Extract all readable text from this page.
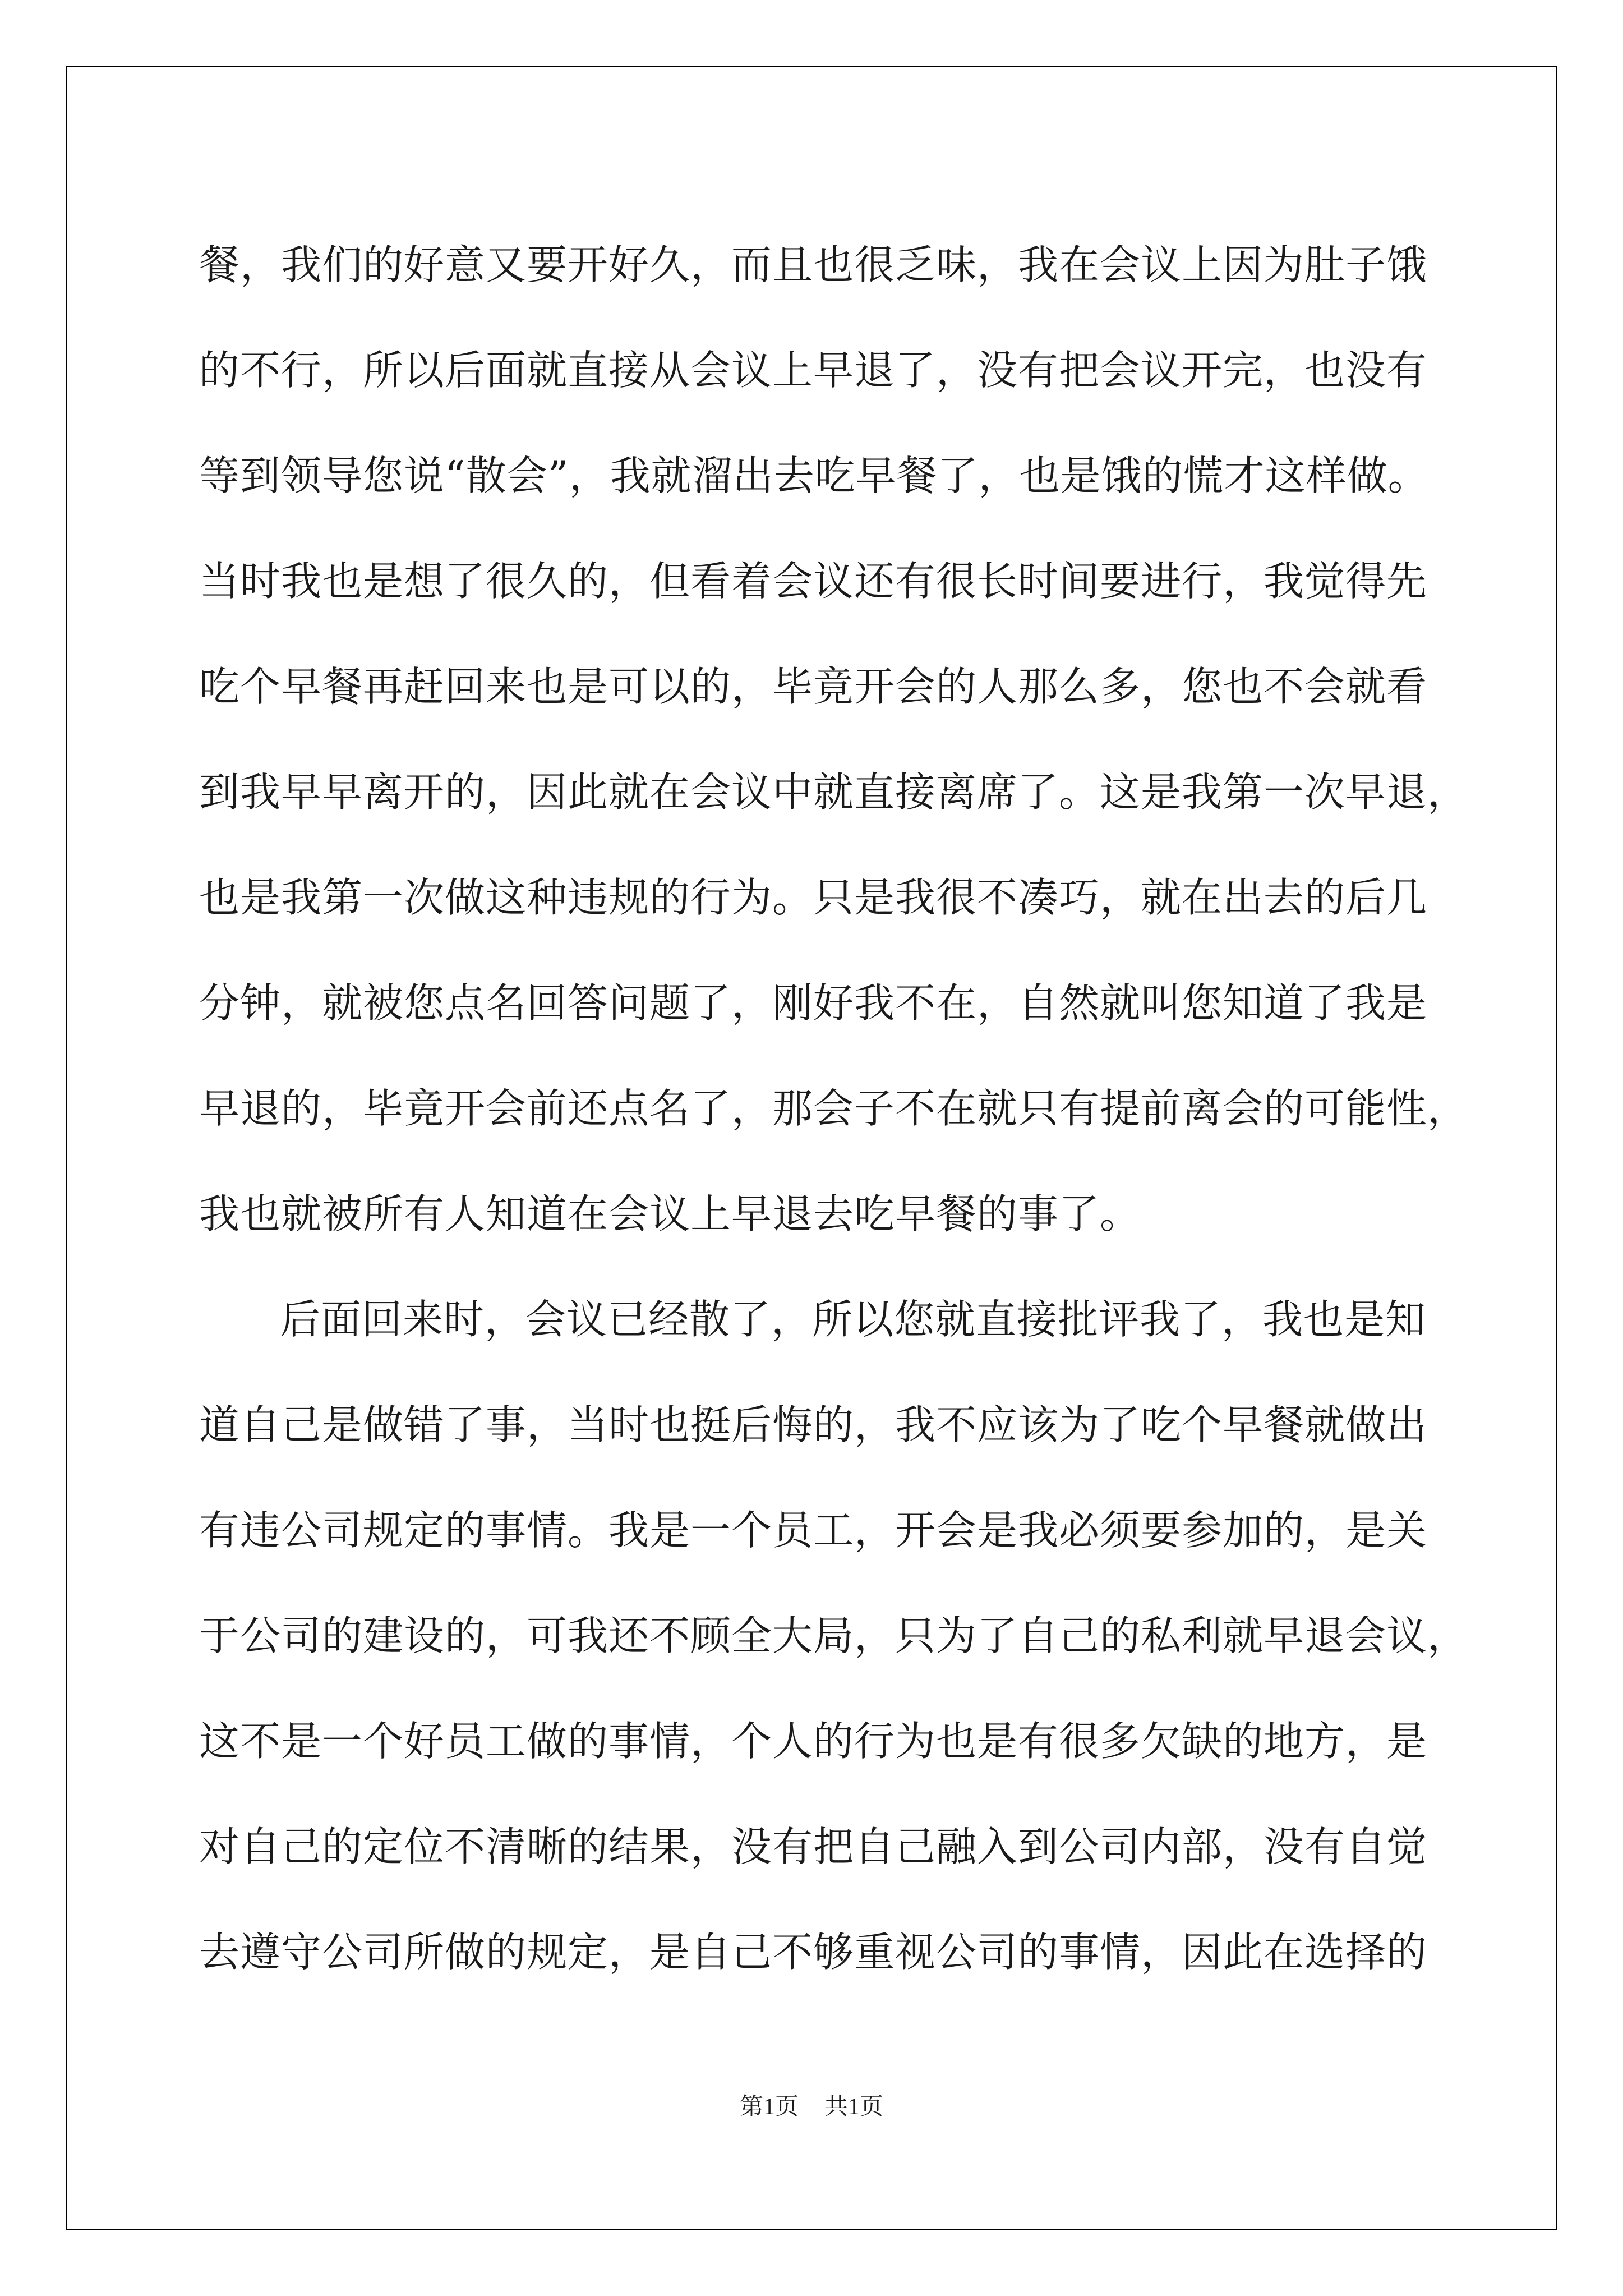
餐，我们的好意又要开好久，而且也很乏味，我在会议上因为肚子饿
的不行，所以后面就直接从会议上早退了，没有把会议开完，也没有
等到领导您说“散会”，我就溜出去吃早餐了，也是饿的慌才这样做。
当时我也是想了很久的，但看着会议还有很长时间要进行，我觉得先
吃个早餐再赶回来也是可以的，毕竟开会的人那么多，您也不会就看
到我早早离开的，因此就在会议中就直接离席了。这是我第一次早退，
也是我第一次做这种违规的行为。只是我很不凑巧，就在出去的后几
分钟，就被您点名回答问题了，刚好我不在，自然就叫您知道了我是
早退的，毕竟开会前还点名了，那会子不在就只有提前离会的可能性，
我也就被所有人知道在会议上早退去吃早餐的事了。
后面回来时，会议已经散了，所以您就直接批评我了，我也是知
道自己是做错了事，当时也挺后悔的，我不应该为了吃个早餐就做出
有违公司规定的事情。我是一个员工，开会是我必须要参加的，是关
于公司的建设的，可我还不顾全大局，只为了自己的私利就早退会议，
这不是一个好员工做的事情，个人的行为也是有很多欠缺的地方，是
对自己的定位不清晰的结果，没有把自己融入到公司内部，没有自觉
去遵守公司所做的规定，是自己不够重视公司的事情，因此在选择的
第1页 共1页
